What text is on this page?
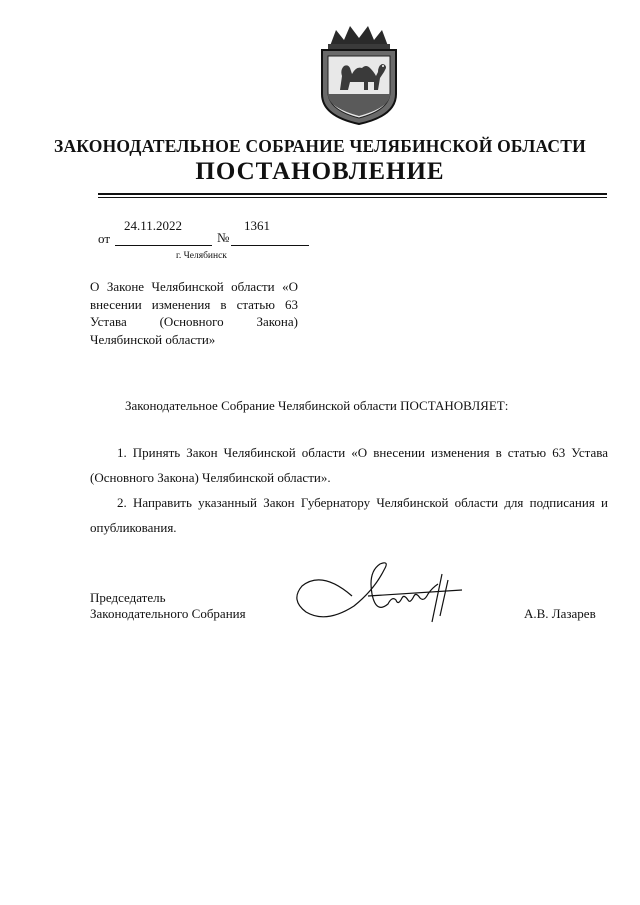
ЗАКОНОДАТЕЛЬНОЕ СОБРАНИЕ ЧЕЛЯБИНСКОЙ ОБЛАСТИ
ПОСТАНОВЛЕНИЕ
от
24.11.2022
№
1361
г. Челябинск
О Законе Челябинской области «О внесении изменения в статью 63 Устава (Основного Закона) Челябинской области»
Законодательное Собрание Челябинской области ПОСТАНОВЛЯЕТ:
1. Принять Закон Челябинской области «О внесении изменения в статью 63 Устава (Основного Закона) Челябинской области».
2. Направить указанный Закон Губернатору Челябинской области для подписания и опубликования.
Председатель
Законодательного Собрания	А.В. Лазарев
